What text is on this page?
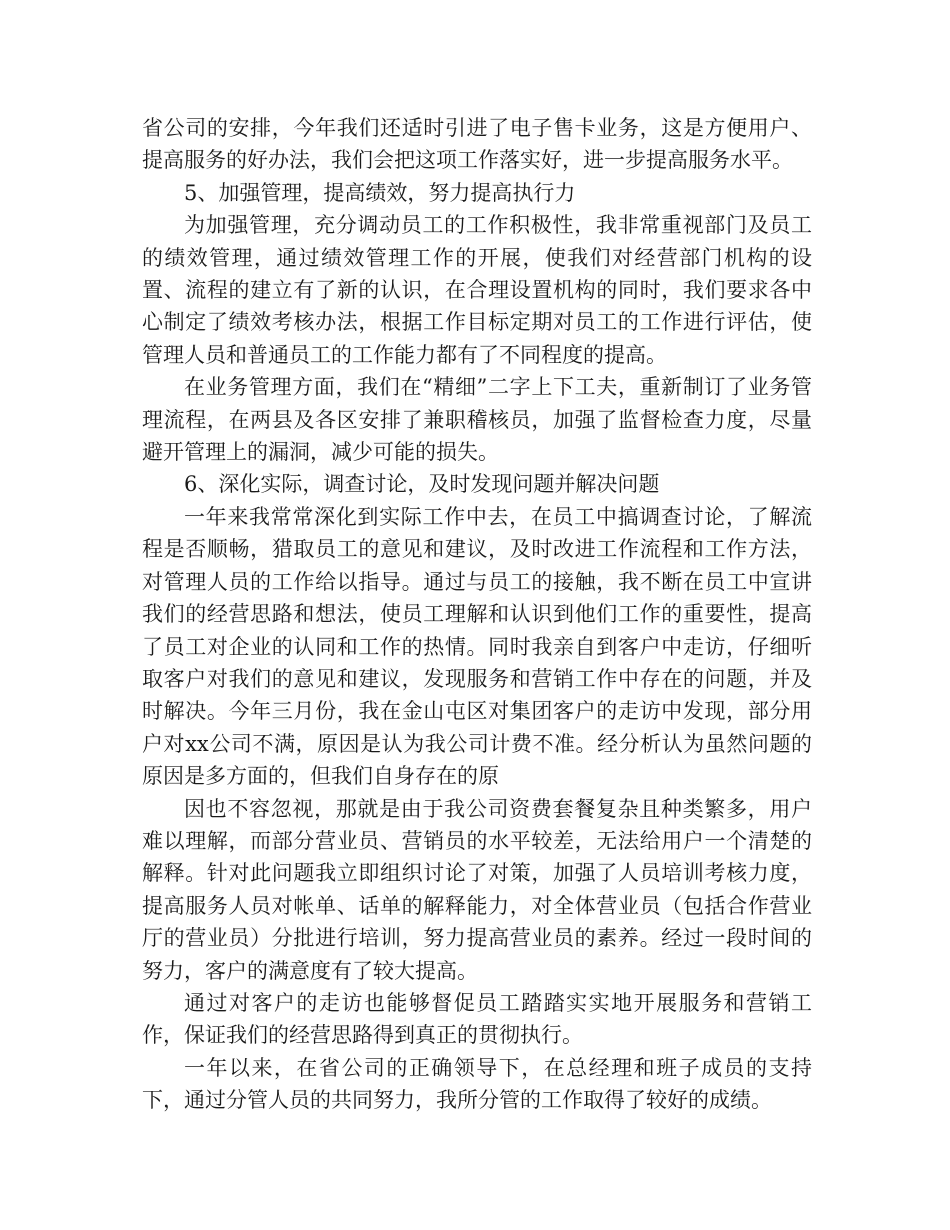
省公司的安排，今年我们还适时引进了电子售卡业务，这是方便用户、提高服务的好办法，我们会把这项工作落实好，进一步提高服务水平。

5、加强管理，提高绩效，努力提高执行力

为加强管理，充分调动员工的工作积极性，我非常重视部门及员工的绩效管理，通过绩效管理工作的开展，使我们对经营部门机构的设置、流程的建立有了新的认识，在合理设置机构的同时，我们要求各中心制定了绩效考核办法，根据工作目标定期对员工的工作进行评估，使管理人员和普通员工的工作能力都有了不同程度的提高。

在业务管理方面，我们在“精细”二字上下工夫，重新制订了业务管理流程，在两县及各区安排了兼职稽核员，加强了监督检查力度，尽量避开管理上的漏洞，减少可能的损失。

6、深化实际，调查讨论，及时发现问题并解决问题

一年来我常常深化到实际工作中去，在员工中搞调查讨论，了解流程是否顺畅，猎取员工的意见和建议，及时改进工作流程和工作方法，对管理人员的工作给以指导。通过与员工的接触，我不断在员工中宣讲我们的经营思路和想法，使员工理解和认识到他们工作的重要性，提高了员工对企业的认同和工作的热情。同时我亲自到客户中走访，仔细听取客户对我们的意见和建议，发现服务和营销工作中存在的问题，并及时解决。今年三月份，我在金山屯区对集团客户的走访中发现，部分用户对xx公司不满，原因是认为我公司计费不准。经分析认为虽然问题的原因是多方面的，但我们自身存在的原

因也不容忽视，那就是由于我公司资费套餐复杂且种类繁多，用户难以理解，而部分营业员、营销员的水平较差，无法给用户一个清楚的解释。针对此问题我立即组织讨论了对策，加强了人员培训考核力度，提高服务人员对帐单、话单的解释能力，对全体营业员（包括合作营业厅的营业员）分批进行培训，努力提高营业员的素养。经过一段时间的努力，客户的满意度有了较大提高。

通过对客户的走访也能够督促员工踏踏实实地开展服务和营销工作，保证我们的经营思路得到真正的贯彻执行。

一年以来，在省公司的正确领导下，在总经理和班子成员的支持下，通过分管人员的共同努力，我所分管的工作取得了较好的成绩。
